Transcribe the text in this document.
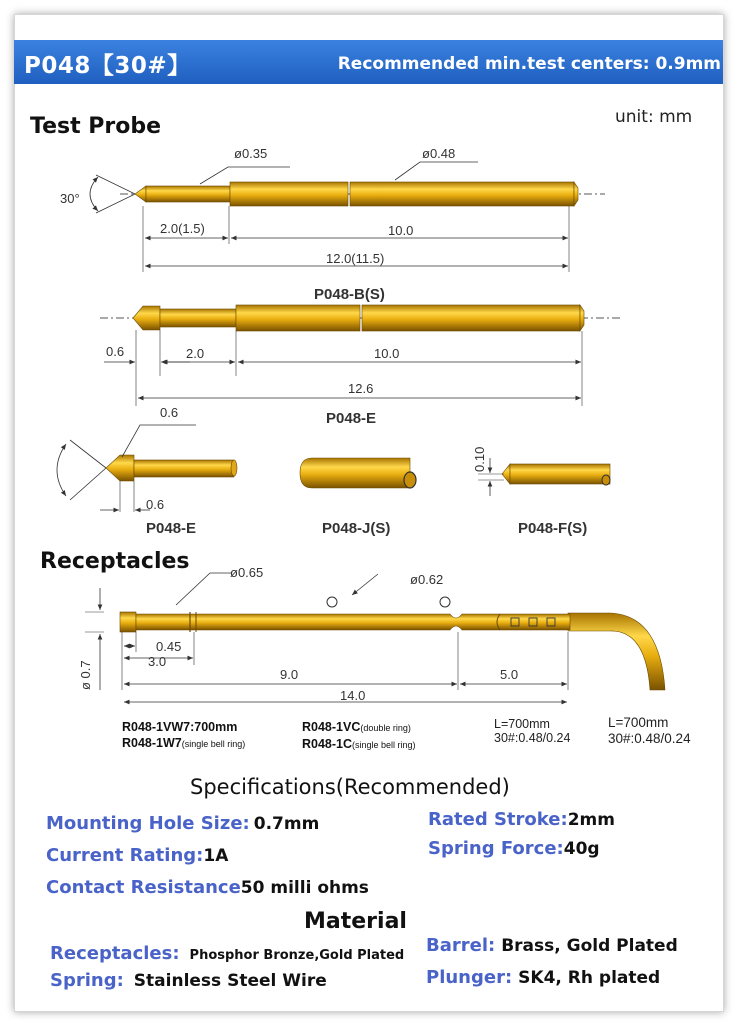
P048【30#】	Recommended min.test centers: 0.9mm
unit: mm
Test Probe
30°
ø0.35	ø0.48
2.0(1.5)	10.0
12.0(11.5)
P048-B(S)
0.6	2.0	10.0
12.6
P048-E
0.6
0.6
0.10
P048-E	P048-J(S)	P048-F(S)
Receptacles	ø0.65	ø0.62
ø 0.7
0.45
3.0
9.0	5.0
14.0
R048-1VW7:700mm
R048-1W7(single bell ring)
R048-1VC(double ring)
R048-1C(single bell ring)
L=700mm
30#:0.48/0.24
L=700mm
30#:0.48/0.24
Specifications(Recommended)
Mounting Hole Size: 0.7mm
Current Rating:1A
Contact Resistance50 milli ohms
Rated Stroke:2mm
Spring Force:40g
Material
Receptacles: Phosphor Bronze,Gold Plated
Spring: Stainless Steel Wire
Barrel: Brass, Gold Plated
Plunger: SK4, Rh plated
